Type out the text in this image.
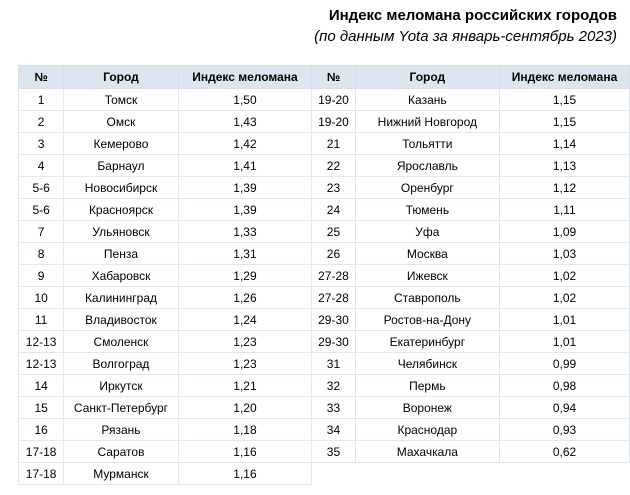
Индекс меломана российских городов
(по данным Yota за январь-сентябрь 2023)
№	Город	Индекс меломана	№	Город	Индекс меломана
1	Томск	1,50	19-20	Казань	1,15
2	Омск	1,43	19-20	Нижний Новгород	1,15
3	Кемерово	1,42	21	Тольятти	1,14
4	Барнаул	1,41	22	Ярославль	1,13
5-6	Новосибирск	1,39	23	Оренбург	1,12
5-6	Красноярск	1,39	24	Тюмень	1,11
7	Ульяновск	1,33	25	Уфа	1,09
8	Пенза	1,31	26	Москва	1,03
9	Хабаровск	1,29	27-28	Ижевск	1,02
10	Калининград	1,26	27-28	Ставрополь	1,02
11	Владивосток	1,24	29-30	Ростов-на-Дону	1,01
12-13	Смоленск	1,23	29-30	Екатеринбург	1,01
12-13	Волгоград	1,23	31	Челябинск	0,99
14	Иркутск	1,21	32	Пермь	0,98
15	Санкт-Петербург	1,20	33	Воронеж	0,94
16	Рязань	1,18	34	Краснодар	0,93
17-18	Саратов	1,16	35	Махачкала	0,62
17-18	Мурманск	1,16			
